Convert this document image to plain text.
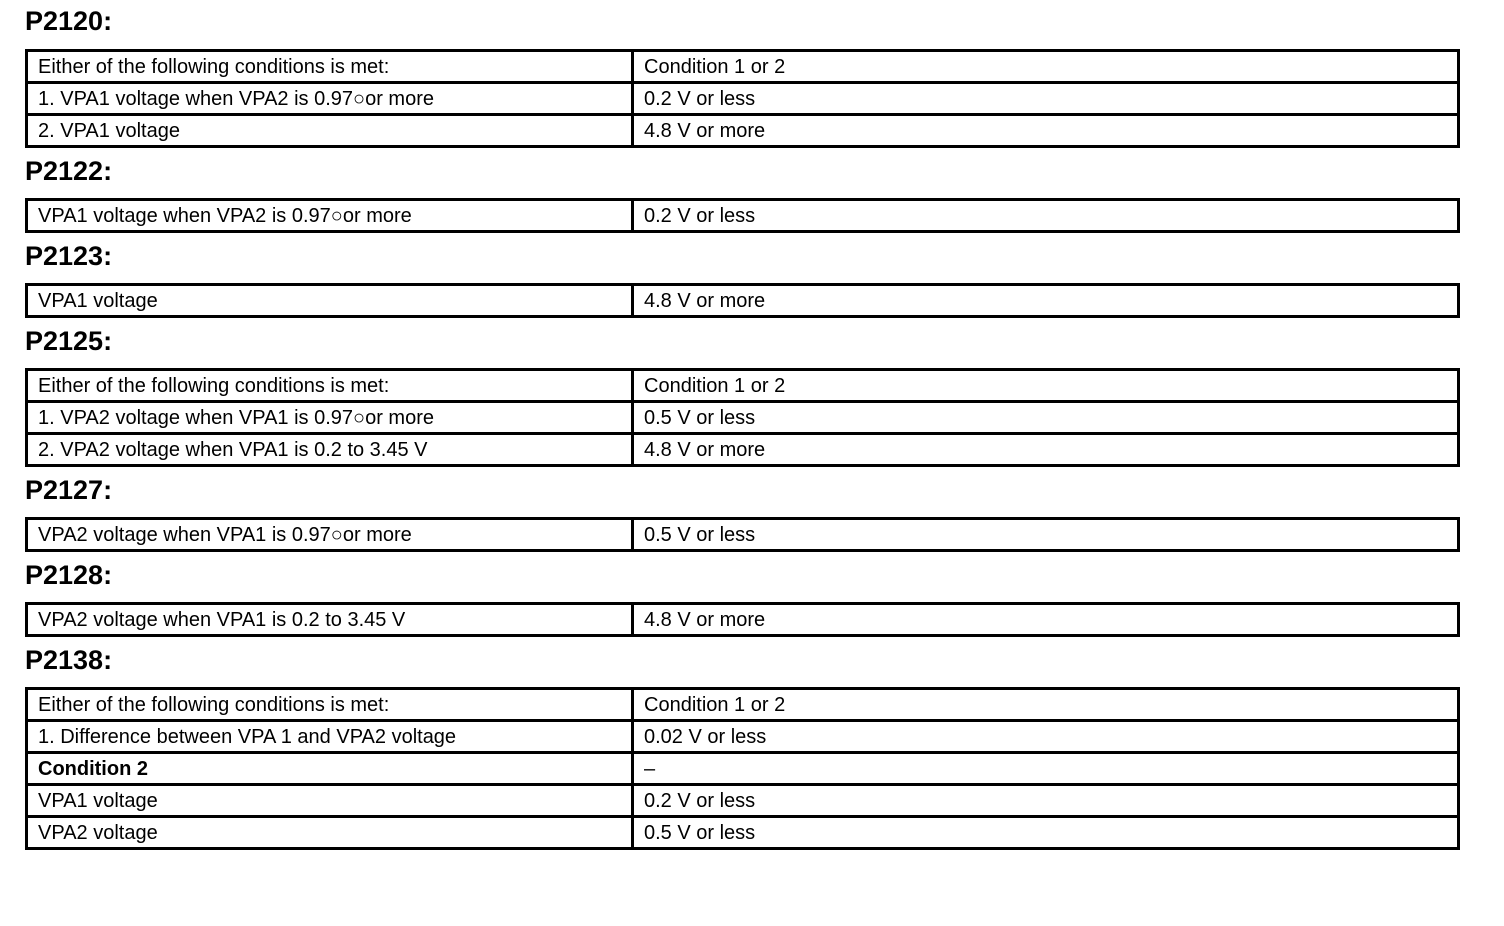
P2120:
Either of the following conditions is met:	Condition 1 or 2
1. VPA1 voltage when VPA2 is 0.97○or more	0.2 V or less
2. VPA1 voltage	4.8 V or more
P2122:
VPA1 voltage when VPA2 is 0.97○or more	0.2 V or less
P2123:
VPA1 voltage	4.8 V or more
P2125:
Either of the following conditions is met:	Condition 1 or 2
1. VPA2 voltage when VPA1 is 0.97○or more	0.5 V or less
2. VPA2 voltage when VPA1 is 0.2 to 3.45 V	4.8 V or more
P2127:
VPA2 voltage when VPA1 is 0.97○or more	0.5 V or less
P2128:
VPA2 voltage when VPA1 is 0.2 to 3.45 V	4.8 V or more
P2138:
Either of the following conditions is met:	Condition 1 or 2
1. Difference between VPA 1 and VPA2 voltage	0.02 V or less
Condition 2	–
VPA1 voltage	0.2 V or less
VPA2 voltage	0.5 V or less
